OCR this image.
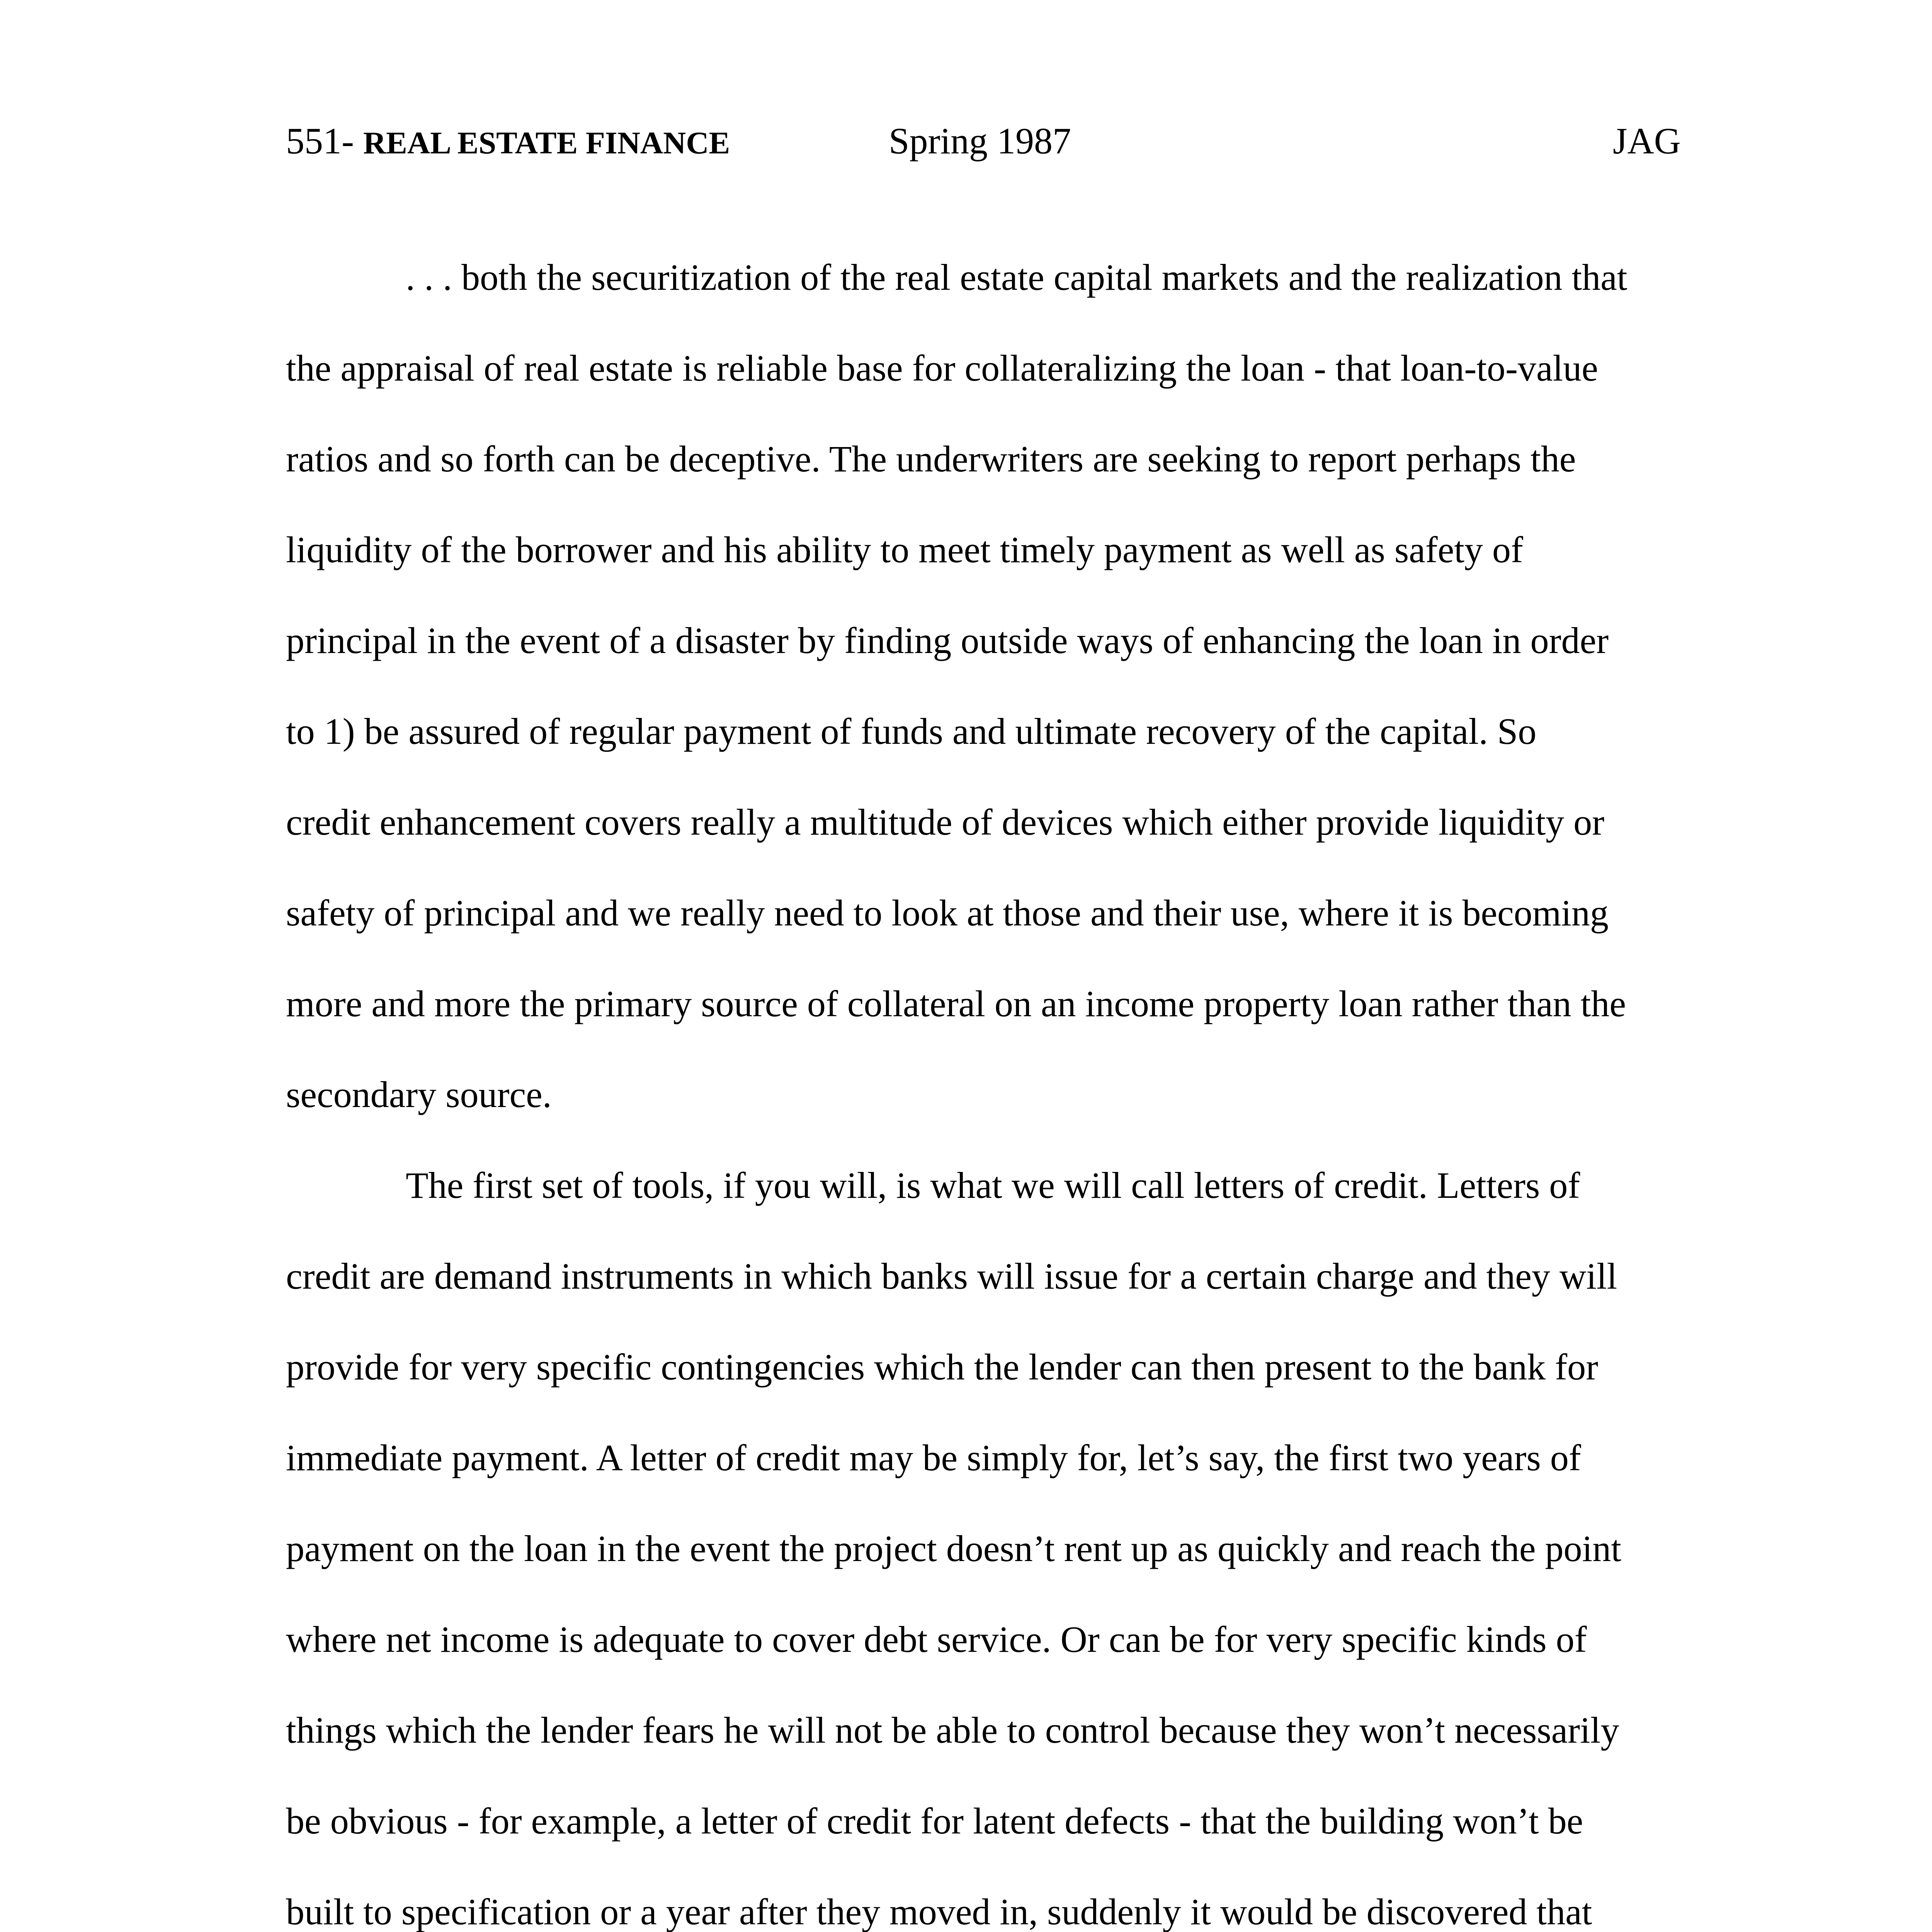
551- REAL ESTATE FINANCE	Spring 1987	JAG

. . . both the securitization of the real estate capital markets and the realization that
the appraisal of real estate is reliable base for collateralizing the loan - that loan-to-value
ratios and so forth can be deceptive. The underwriters are seeking to report perhaps the
liquidity of the borrower and his ability to meet timely payment as well as safety of
principal in the event of a disaster by finding outside ways of enhancing the loan in order
to 1) be assured of regular payment of funds and ultimate recovery of the capital. So
credit enhancement covers really a multitude of devices which either provide liquidity or
safety of principal and we really need to look at those and their use, where it is becoming
more and more the primary source of collateral on an income property loan rather than the
secondary source.

The first set of tools, if you will, is what we will call letters of credit. Letters of
credit are demand instruments in which banks will issue for a certain charge and they will
provide for very specific contingencies which the lender can then present to the bank for
immediate payment. A letter of credit may be simply for, let’s say, the first two years of
payment on the loan in the event the project doesn’t rent up as quickly and reach the point
where net income is adequate to cover debt service. Or can be for very specific kinds of
things which the lender fears he will not be able to control because they won’t necessarily
be obvious - for example, a letter of credit for latent defects - that the building won’t be
built to specification or a year after they moved in, suddenly it would be discovered that
